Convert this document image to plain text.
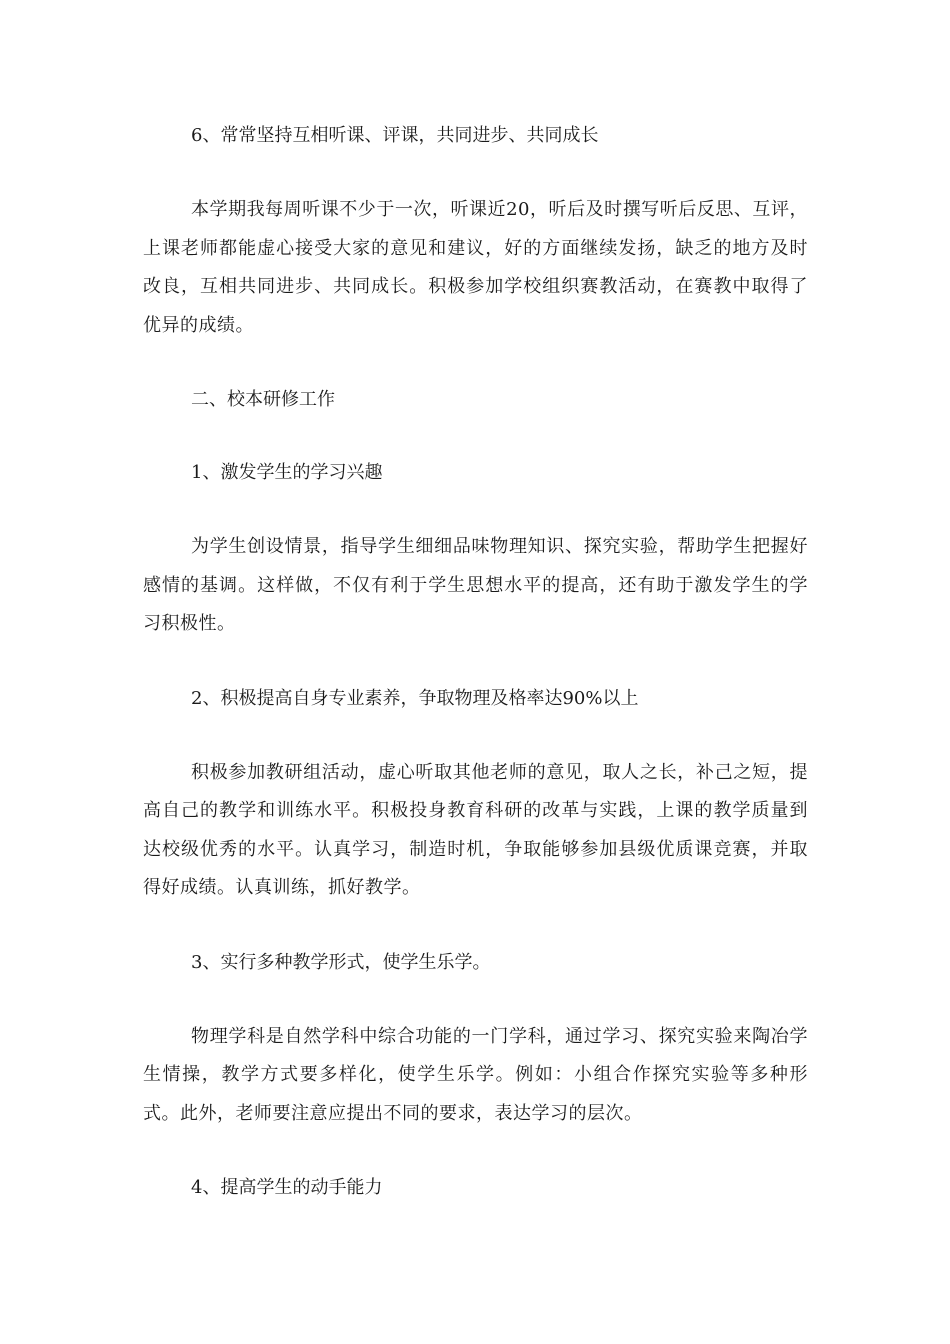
6、常常坚持互相听课、评课，共同进步、共同成长

本学期我每周听课不少于一次，听课近20，听后及时撰写听后反思、互评，上课老师都能虚心接受大家的意见和建议，好的方面继续发扬，缺乏的地方及时改良，互相共同进步、共同成长。积极参加学校组织赛教活动，在赛教中取得了优异的成绩。

二、校本研修工作

1、激发学生的学习兴趣

为学生创设情景，指导学生细细品味物理知识、探究实验，帮助学生把握好感情的基调。这样做，不仅有利于学生思想水平的提高，还有助于激发学生的学习积极性。

2、积极提高自身专业素养，争取物理及格率达90%以上

积极参加教研组活动，虚心听取其他老师的意见，取人之长，补己之短，提高自己的教学和训练水平。积极投身教育科研的改革与实践，上课的教学质量到达校级优秀的水平。认真学习，制造时机，争取能够参加县级优质课竞赛，并取得好成绩。认真训练，抓好教学。

3、实行多种教学形式，使学生乐学。

物理学科是自然学科中综合功能的一门学科，通过学习、探究实验来陶冶学生情操，教学方式要多样化，使学生乐学。例如：小组合作探究实验等多种形式。此外，老师要注意应提出不同的要求，表达学习的层次。

4、提高学生的动手能力
